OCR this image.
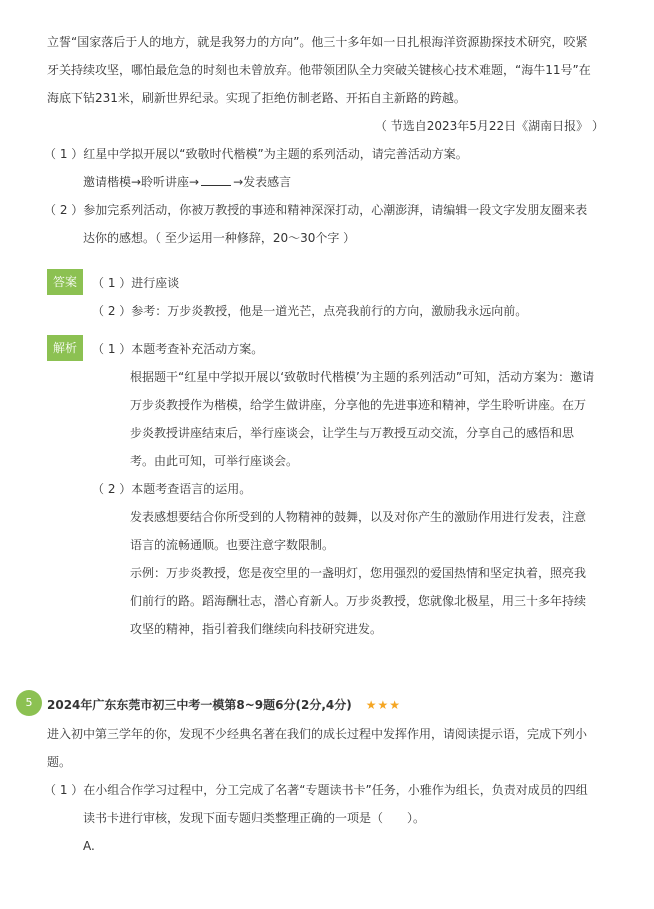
立誓“国家落后于人的地方，就是我努力的方向”。他三十多年如一日扎根海洋资源勘探技术研究，咬紧
牙关持续攻坚，哪怕最危急的时刻也未曾放弃。他带领团队全力突破关键核心技术难题，“海牛11号”在
海底下钻231米，刷新世界纪录。实现了拒绝仿制老路、开拓自主新路的跨越。
（ 节选自2023年5月22日《湖南日报》 ）
（ 1 ）红星中学拟开展以“致敬时代楷模”为主题的系列活动，请完善活动方案。
邀请楷模→聆听讲座→	→发表感言
（ 2 ）参加完系列活动，你被万教授的事迹和精神深深打动，心潮澎湃，请编辑一段文字发朋友圈来表
达你的感想。（ 至少运用一种修辞，20～30个字 ）
答案	（ 1 ）进行座谈
（ 2 ）参考：万步炎教授，他是一道光芒，点亮我前行的方向，激励我永远向前。
解析	（ 1 ）本题考查补充活动方案。
根据题干“红星中学拟开展以‘致敬时代楷模’为主题的系列活动”可知，活动方案为：邀请
万步炎教授作为楷模，给学生做讲座，分享他的先进事迹和精神，学生聆听讲座。在万
步炎教授讲座结束后，举行座谈会，让学生与万教授互动交流，分享自己的感悟和思
考。由此可知，可举行座谈会。
（ 2 ）本题考查语言的运用。
发表感想要结合你所受到的人物精神的鼓舞，以及对你产生的激励作用进行发表，注意
语言的流畅通顺。也要注意字数限制。
示例：万步炎教授，您是夜空里的一盏明灯，您用强烈的爱国热情和坚定执着，照亮我
们前行的路。蹈海酬壮志，潜心育新人。万步炎教授，您就像北极星，用三十多年持续
攻坚的精神，指引着我们继续向科技研究进发。
5	2024年广东东莞市初三中考一模第8~9题6分(2分,4分) ★★★
进入初中第三学年的你，发现不少经典名著在我们的成长过程中发挥作用，请阅读提示语，完成下列小
题。
（ 1 ）在小组合作学习过程中，分工完成了名著“专题读书卡”任务，小雅作为组长，负责对成员的四组
读书卡进行审核，发现下面专题归类整理正确的一项是（　　）。
A.
